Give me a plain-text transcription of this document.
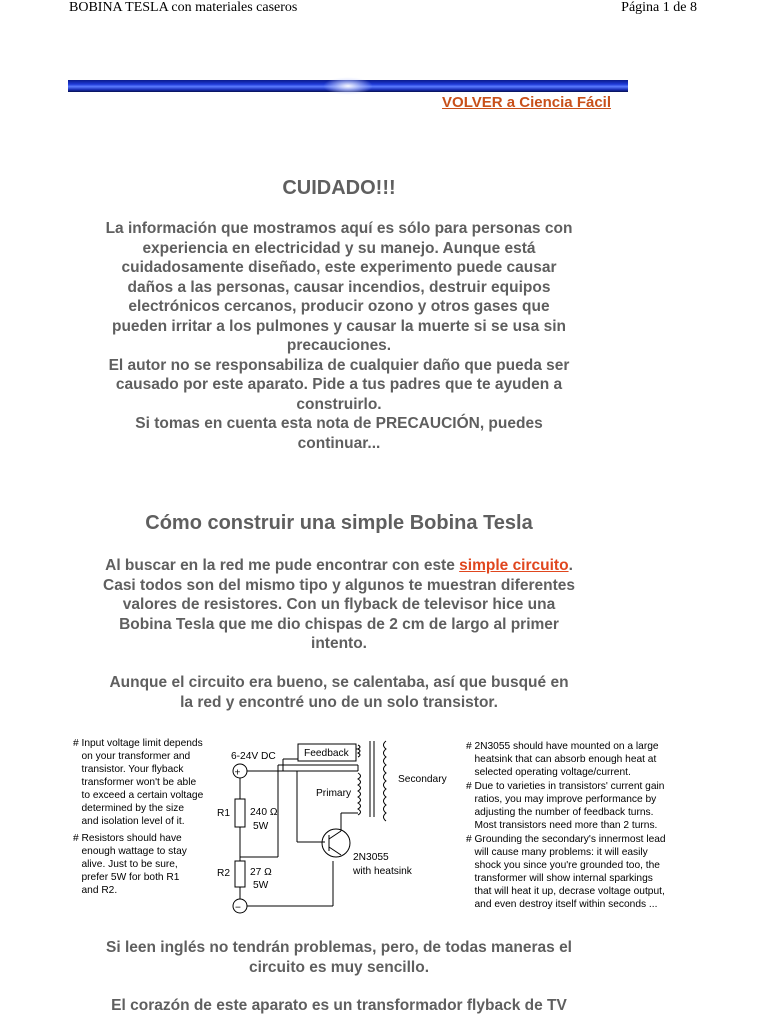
BOBINA TESLA con materiales caseros	Página 1 de 8
VOLVER a Ciencia Fácil
CUIDADO!!!
La información que mostramos aquí es sólo para personas con
experiencia en electricidad y su manejo. Aunque está
cuidadosamente diseñado, este experimento puede causar
daños a las personas, causar incendios, destruir equipos
electrónicos cercanos, producir ozono y otros gases que
pueden irritar a los pulmones y causar la muerte si se usa sin
precauciones.
El autor no se responsabiliza de cualquier daño que pueda ser
causado por este aparato. Pide a tus padres que te ayuden a
construirlo.
Si tomas en cuenta esta nota de PRECAUCIÓN, puedes
continuar...
Cómo construir una simple Bobina Tesla
Al buscar en la red me pude encontrar con este simple circuito.
Casi todos son del mismo tipo y algunos te muestran diferentes
valores de resistores. Con un flyback de televisor hice una
Bobina Tesla que me dio chispas de 2 cm de largo al primer
intento.
Aunque el circuito era bueno, se calentaba, así que busqué en
la red y encontré uno de un solo transistor.
# Input voltage limit depends
on your transformer and
transistor. Your flyback
transformer won't be able
to exceed a certain voltage
determined by the size
and isolation level of it.
# Resistors should have
enough wattage to stay
alive. Just to be sure,
prefer 5W for both R1
and R2.
6-24V DC
+
R1 240 Ω
5W
R2 27 Ω
5W
−
Feedback
Primary
2N3055
with heatsink
Secondary
# 2N3055 should have mounted on a large
heatsink that can absorb enough heat at
selected operating voltage/current.
# Due to varieties in transistors' current gain
ratios, you may improve performance by
adjusting the number of feedback turns.
Most transistors need more than 2 turns.
# Grounding the secondary's innermost lead
will cause many problems: it will easily
shock you since you're grounded too, the
transformer will show internal sparkings
that will heat it up, decrase voltage output,
and even destroy itself within seconds ...
Si leen inglés no tendrán problemas, pero, de todas maneras el
circuito es muy sencillo.
El corazón de este aparato es un transformador flyback de TV
